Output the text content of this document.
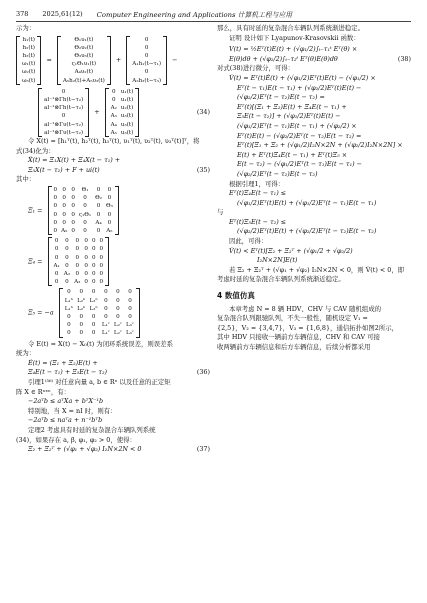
378 2025,61(12) Computer Engineering and Applications 计算机工程与应用
示为：
h₁(t)
h₂(t)
h₃(t)
ω₁(t)
ω₂(t)
ω₃(t)
=
Θ₁υ₁(t)
Θ₂υ₂(t)
Θ₃υ₃(t)
ς₁Θ₁υ₁(t)
A₄υ₂(t)
A₅h₂(t)+A₅υ₃(t)
+
0
0
0
A₁h₁(t−τ₁)
0
A₃h₃(t−τ₃)
−
0
al⁻¹⊗Γh(t−τ₂)
al⁻¹⊗Γh(t−τ₂)
0
al⁻¹⊗Γυ(t−τ₂)
al⁻¹⊗Γυ(t−τ₂)
+
0	u₁(t)
0	u₁(t)
A₂	u₂(t)
A₃	u₃(t)
A₄	u₃(t)
A₅	u₃(t)
(34)
令 X(t) = [h₁ᵀ(t), h₂ᵀ(t), h₃ᵀ(t), υ₁ᵀ(t), υ₂ᵀ(t), υ₃ᵀ(t)]ᵀ，将
式(34)化为：
Ẋ(t) = Ξ₁X(t) + Ξ₄X(t − τ₁) +
Ξ₅X(t − τ₂) + F + ui(t)	(35)
其中：
Ξ₁ =
0	0	0	Θ₁	0	0
0	0	0	0	Θ₂	0
0	0	0	0	0	Θ₃
0	0	0	ς₁Θ₁	0	0
0	0	0	0	A₄	0
0	A₅	0	0	0	A₅
Ξ₄ =
0	0	0	0	0	0
0	0	0	0	0	0
0	0	0	0	0	0
A₁	0	0	0	0	0
0	A₃	0	0	0	0
0	0	A₃	0	0	0
Ξ₅ = −a
0	0	0	0	0	0
L₁ʰ	L₂ʰ	L₃ʰ	0	0	0
L₁ʰ	L₂ʰ	L₃ʰ	0	0	0
0	0	0	0	0	0
0	0	0	L₁ᵛ	L₂ᵛ	L₃ᵛ
0	0	0	L₁ᵛ	L₂ᵛ	L₃ᵛ
令 E(t) = X(t) − X₀(t) 为闭环系统误差，则误差系
统为：
Ė(t) = (Ξ₁ + Ξ₂)E(t) +
Ξ₄E(t − τ₁) + Ξ₅E(t − τ₂)	(36)
引理1⁽³⁶⁾ 对任意向量 a, b ∈ Rⁿ 以及任意的正定矩
阵 X ∈ Rⁿˣⁿ，有：
−2aᵀb ≤ aᵀXa + bᵀX⁻¹b
特别地，当 X = nI 时，则有：
−2aᵀb ≤ naᵀa + n⁻¹bᵀb
定理2 考虑具有时延的复杂混合车辆队列系统
(34)，如果存在 a, β, φ₁, φ₂ > 0，使得：
Ξ₂ + Ξ₂ᵀ + (√φ₁ + √φ₂) I₂N×2N < 0	(37)
那么，具有时延的复杂混合车辆队列系统渐进稳定。
证明 设计如下 Lyapunov-Krasovskii 函数：
V(t) = ½Eᵀ(t)E(t) + (√φ₁/2)∫ₜ₋τ₁ᵗ Eᵀ(θ) ×
E(θ)dθ + (√φ₂/2)∫ₜ₋τ₂ᵗ Eᵀ(θ)E(θ)dθ	(38)
对式(38)进行微分，可得：
V̇(t) = Eᵀ(t)Ė(t) + (√φ₁/2)Eᵀ(t)E(t) − (√φ₁/2) ×
Eᵀ(t − τ₁)E(t − τ₁) + (√φ₂/2)Eᵀ(t)E(t) −
(√φ₂/2)Eᵀ(t − τ₂)E(t − τ₂) =
Eᵀ(t)[(Ξ₁ + Ξ₂)E(t) + Ξ₄E(t − τ₁) +
Ξ₅E(t − τ₂)] + (√φ₁/2)Eᵀ(t)E(t) −
(√φ₁/2)Eᵀ(t − τ₁)E(t − τ₁) + (√φ₂/2) ×
Eᵀ(t)E(t) − (√φ₂/2)Eᵀ(t − τ₂)E(t − τ₂) =
Eᵀ(t)[Ξ₁ + Ξ₂ + (√φ₁/2)I₂N×2N + (√φ₂/2)I₂N×2N] ×
E(t) + Eᵀ(t)Ξ₄E(t − τ₁) + Eᵀ(t)Ξ₅ ×
E(t − τ₂) − (√φ₁/2)Eᵀ(t − τ₁)E(t − τ₁) −
(√φ₂/2)Eᵀ(t − τ₂)E(t − τ₂)
根据引理1，可得：
Eᵀ(t)Ξ₄E(t − τ₁) ≤
(√φ₁/2)Eᵀ(t)E(t) + (√φ₁/2)Eᵀ(t − τ₁)E(t − τ₁)
与
Eᵀ(t)Ξ₅E(t − τ₂) ≤
(√φ₂/2)Eᵀ(t)E(t) + (√φ₂/2)Eᵀ(t − τ₂)E(t − τ₂)
因此，可得：
V̇(t) < Eᵀ(t)[Ξ₂ + Ξ₂ᵀ + (√φ₁/2 + √φ₂/2)
I₂N×2N]E(t)
若 Ξ₂ + Ξ₂ᵀ + (√φ₁ + √φ₂) I₂N×2N < 0，则 V̇(t) < 0，即
考虑时延的复杂混合车辆队列系统渐近稳定。
4 数值仿真
本章考虑 N = 8 辆 HDV、CHV 与 CAV 随机组成的
复杂混合队列跟驰队列，不失一般性，随机设定 V₁ =
{2,5}，V₂ = {3,4,7}，V₃ = {1,6,8}，通信拓扑如图2所示，
其中 HDV 只接收一辆前方车辆信息，CHV 和 CAV 可接
收两辆前方车辆信息和后方车辆信息，后续分析都采用
